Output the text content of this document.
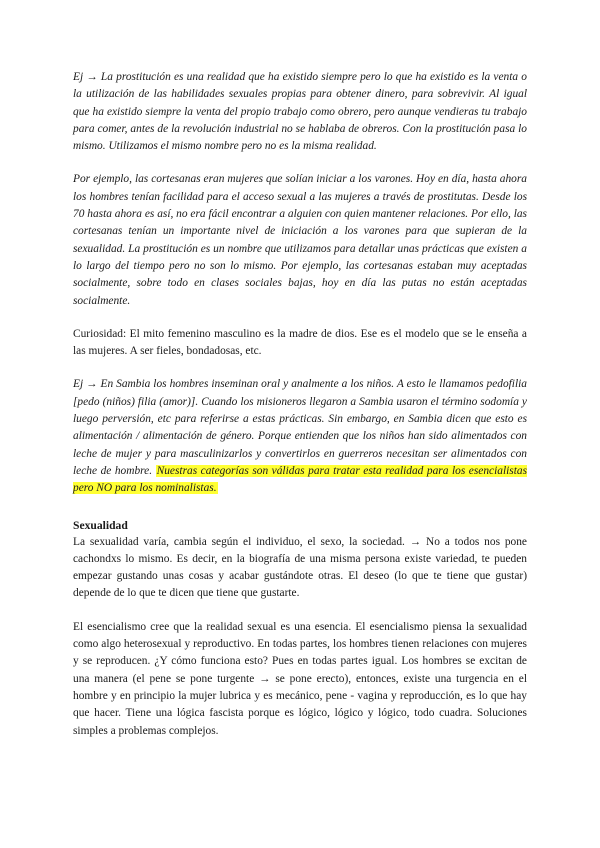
Ej → La prostitución es una realidad que ha existido siempre pero lo que ha existido es la venta o la utilización de las habilidades sexuales propias para obtener dinero, para sobrevivir. Al igual que ha existido siempre la venta del propio trabajo como obrero, pero aunque vendieras tu trabajo para comer, antes de la revolución industrial no se hablaba de obreros. Con la prostitución pasa lo mismo. Utilizamos el mismo nombre pero no es la misma realidad.

Por ejemplo, las cortesanas eran mujeres que solían iniciar a los varones. Hoy en día, hasta ahora los hombres tenían facilidad para el acceso sexual a las mujeres a través de prostitutas. Desde los 70 hasta ahora es así, no era fácil encontrar a alguien con quien mantener relaciones. Por ello, las cortesanas tenían un importante nivel de iniciación a los varones para que supieran de la sexualidad. La prostitución es un nombre que utilizamos para detallar unas prácticas que existen a lo largo del tiempo pero no son lo mismo. Por ejemplo, las cortesanas estaban muy aceptadas socialmente, sobre todo en clases sociales bajas, hoy en día las putas no están aceptadas socialmente.

Curiosidad: El mito femenino masculino es la madre de dios. Ese es el modelo que se le enseña a las mujeres. A ser fieles, bondadosas, etc.

Ej → En Sambia los hombres inseminan oral y analmente a los niños. A esto le llamamos pedofilia [pedo (niños) filia (amor)]. Cuando los misioneros llegaron a Sambia usaron el término sodomía y luego perversión, etc para referirse a estas prácticas. Sin embargo, en Sambia dicen que esto es alimentación / alimentación de género. Porque entienden que los niños han sido alimentados con leche de mujer y para masculinizarlos y convertirlos en guerreros necesitan ser alimentados con leche de hombre. Nuestras categorías son válidas para tratar esta realidad para los esencialistas pero NO para los nominalistas.

Sexualidad

La sexualidad varía, cambia según el individuo, el sexo, la sociedad. → No a todos nos pone cachondxs lo mismo. Es decir, en la biografía de una misma persona existe variedad, te pueden empezar gustando unas cosas y acabar gustándote otras. El deseo (lo que te tiene que gustar) depende de lo que te dicen que tiene que gustarte.

El esencialismo cree que la realidad sexual es una esencia. El esencialismo piensa la sexualidad como algo heterosexual y reproductivo. En todas partes, los hombres tienen relaciones con mujeres y se reproducen. ¿Y cómo funciona esto? Pues en todas partes igual. Los hombres se excitan de una manera (el pene se pone turgente → se pone erecto), entonces, existe una turgencia en el hombre y en principio la mujer lubrica y es mecánico, pene - vagina y reproducción, es lo que hay que hacer. Tiene una lógica fascista porque es lógico, lógico y lógico, todo cuadra. Soluciones simples a problemas complejos.
